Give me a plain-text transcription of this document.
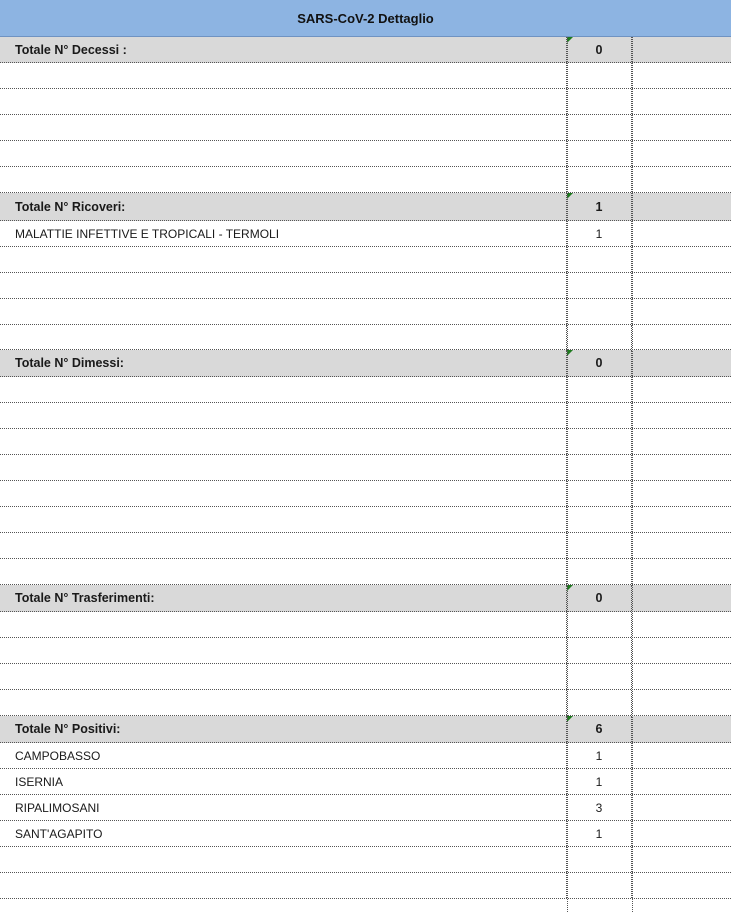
SARS-CoV-2 Dettaglio
Totale N° Decessi :	0
Totale N° Ricoveri:	1
MALATTIE INFETTIVE E TROPICALI - TERMOLI	1
Totale N° Dimessi:	0
Totale N° Trasferimenti:	0
Totale N° Positivi:	6
CAMPOBASSO	1
ISERNIA	1
RIPALIMOSANI	3
SANT'AGAPITO	1
